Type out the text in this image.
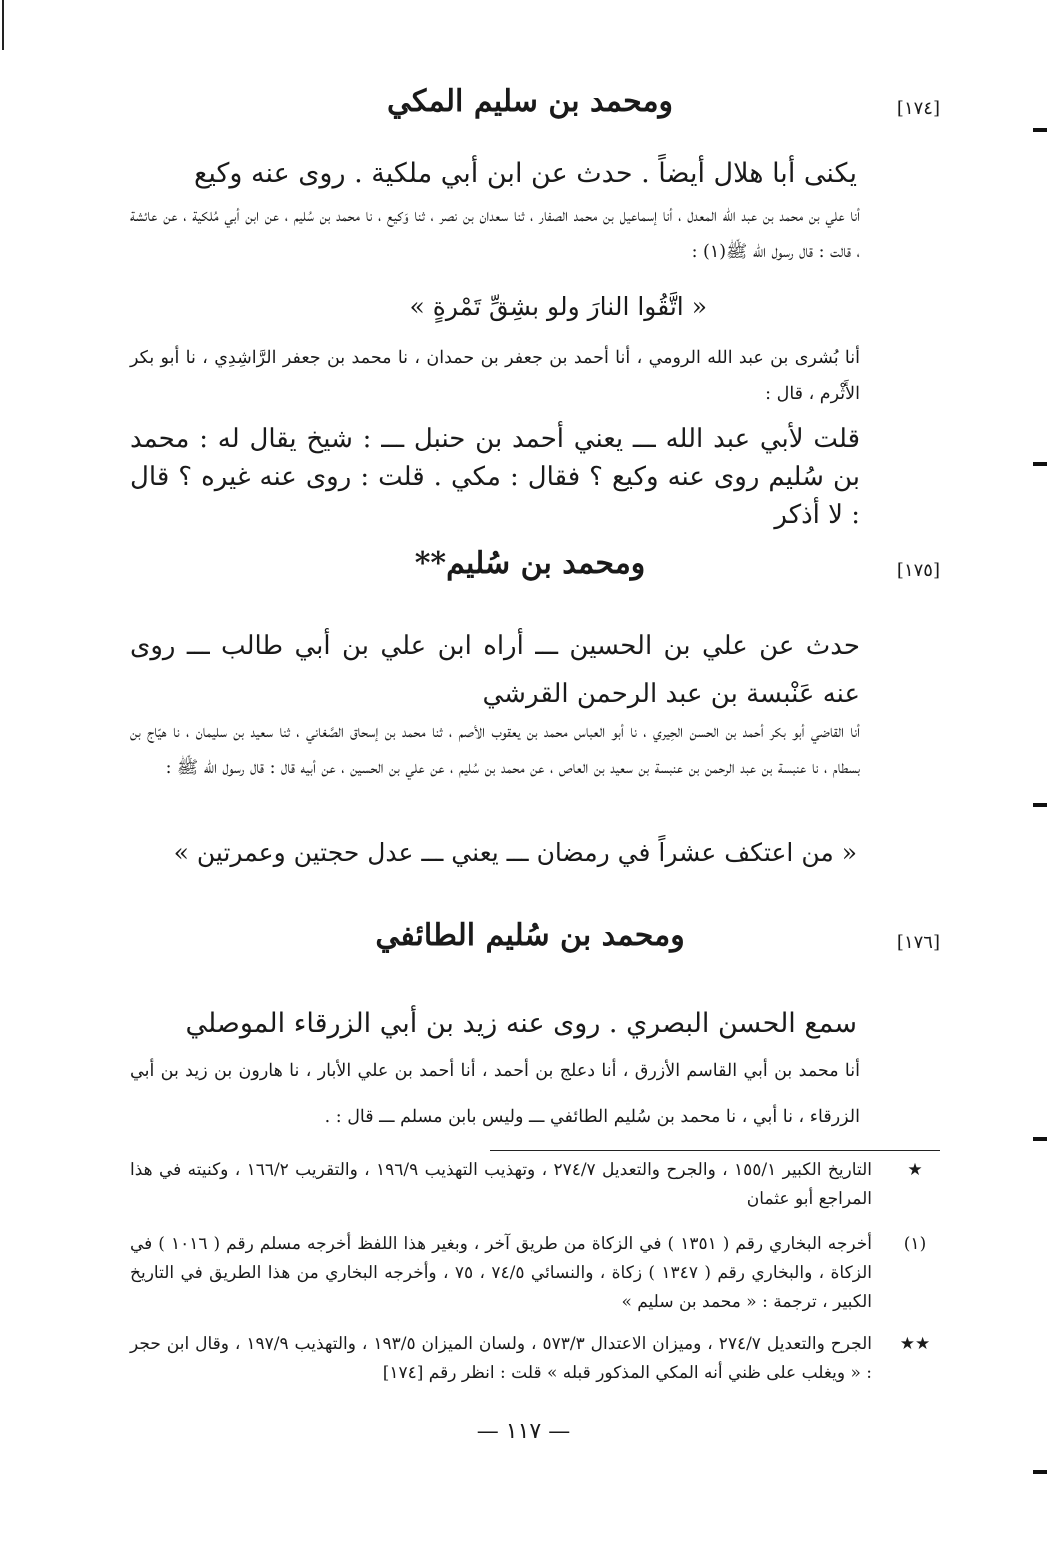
ومحمد بن سليم المكي	[١٧٤]
يكنى أبا هلال أيضاً . حدث عن ابن أبي ملكية . روى عنه وكيع
أنا علي بن محمد بن عبد الله المعدل ، أنا إسماعيل بن محمد الصفار ، ثنا سعدان بن نصر ، ثنا وَكيع ، نا محمد بن سُليم ، عن ابن أبي مُلكية ، عن عائشة ، قالت : قال رسول الله ﷺ(١) :
« اتَّقُوا النارَ ولو بشِقِّ تَمْرةٍ »
أنا بُشرى بن عبد الله الرومي ، أنا أحمد بن جعفر بن حمدان ، نا محمد بن جعفر الرَّاشِدِي ، نا أبو بكر الأَثْرم ، قال :
قلت لأبي عبد الله ـــ يعني أحمد بن حنبل ـــ : شيخ يقال له : محمد بن سُليم روى عنه وكيع ؟ فقال : مكي . قلت : روى عنه غيره ؟ قال : لا أذكر
ومحمد بن سُليم**	[١٧٥]
حدث عن علي بن الحسين ـــ أراه ابن علي بن أبي طالب ـــ روى عنه عَنْبسة بن عبد الرحمن القرشي
أنا القاضي أبو بكر أحمد بن الحسن الحِيري ، نا أبو العباس محمد بن يعقوب الأصم ، ثنا محمد بن إسحاق الصَّغاني ، ثنا سعيد بن سليمان ، نا هيّاج بن بسطام ، نا عنبسة بن عبد الرحمن بن عنبسة بن سعيد بن العاص ، عن محمد بن سُليم ، عن علي بن الحسين ، عن أبيه قال : قال رسول الله ﷺ :
« من اعتكف عشراً في رمضان ـــ يعني ـــ عدل حجتين وعمرتين »
ومحمد بن سُليم الطائفي	[١٧٦]
سمع الحسن البصري . روى عنه زيد بن أبي الزرقاء الموصلي
أنا محمد بن أبي القاسم الأزرق ، أنا دعلج بن أحمد ، أنا أحمد بن علي الأبار ، نا هارون بن زيد بن أبي الزرقاء ، نا أبي ، نا محمد بن سُليم الطائفي ـــ وليس بابن مسلم ـــ قال : .
★
التاريخ الكبير ١٥٥/١ ، والجرح والتعديل ٢٧٤/٧ ، وتهذيب التهذيب ١٩٦/٩ ، والتقريب ١٦٦/٢ ، وكنيته في هذا المراجع أبو عثمان
(١)
أخرجه البخاري رقم ( ١٣٥١ ) في الزكاة من طريق آخر ، وبغير هذا اللفظ أخرجه مسلم رقم ( ١٠١٦ ) في الزكاة ، والبخاري رقم ( ١٣٤٧ ) زكاة ، والنسائي ٧٤/٥ ، ٧٥ ، وأخرجه البخاري من هذا الطريق في التاريخ الكبير ، ترجمة : « محمد بن سليم »
★★
الجرح والتعديل ٢٧٤/٧ ، وميزان الاعتدال ٥٧٣/٣ ، ولسان الميزان ١٩٣/٥ ، والتهذيب ١٩٧/٩ ، وقال ابن حجر : « ويغلب على ظني أنه المكي المذكور قبله » قلت : انظر رقم [١٧٤]
— ١١٧ —
